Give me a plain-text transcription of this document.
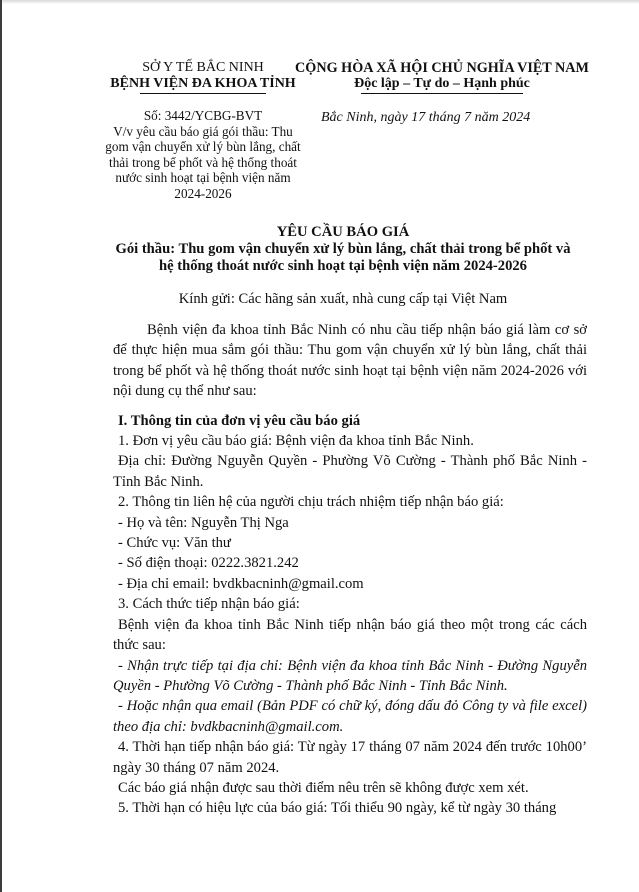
SỞ Y TẾ BẮC NINH
BỆNH VIỆN ĐA KHOA TỈNH
CỘNG HÒA XÃ HỘI CHỦ NGHĨA VIỆT NAM
Độc lập – Tự do – Hạnh phúc
Số: 3442/YCBG-BVT
V/v yêu cầu báo giá gói thầu: Thu
gom vận chuyển xử lý bùn lắng, chất
thải trong bể phốt và hệ thống thoát
nước sinh hoạt tại bệnh viện năm
2024-2026
Bắc Ninh, ngày 17 tháng 7 năm 2024
YÊU CẦU BÁO GIÁ
Gói thầu: Thu gom vận chuyển xử lý bùn lắng, chất thải trong bể phốt và
hệ thống thoát nước sinh hoạt tại bệnh viện năm 2024-2026
Kính gửi: Các hãng sản xuất, nhà cung cấp tại Việt Nam

Bệnh viện đa khoa tỉnh Bắc Ninh có nhu cầu tiếp nhận báo giá làm cơ sở để thực hiện mua sắm gói thầu: Thu gom vận chuyển xử lý bùn lắng, chất thải trong bể phốt và hệ thống thoát nước sinh hoạt tại bệnh viện năm 2024-2026 với nội dung cụ thể như sau:

I. Thông tin của đơn vị yêu cầu báo giá

1. Đơn vị yêu cầu báo giá: Bệnh viện đa khoa tỉnh Bắc Ninh.

Địa chỉ: Đường Nguyễn Quyền - Phường Võ Cường - Thành phố Bắc Ninh - Tỉnh Bắc Ninh.

2. Thông tin liên hệ của người chịu trách nhiệm tiếp nhận báo giá:

- Họ và tên: Nguyễn Thị Nga

- Chức vụ: Văn thư

- Số điện thoại: 0222.3821.242

- Địa chỉ email: bvdkbacninh@gmail.com

3. Cách thức tiếp nhận báo giá:

Bệnh viện đa khoa tỉnh Bắc Ninh tiếp nhận báo giá theo một trong các cách thức sau:

- Nhận trực tiếp tại địa chỉ: Bệnh viện đa khoa tỉnh Bắc Ninh - Đường Nguyễn Quyền - Phường Võ Cường - Thành phố Bắc Ninh - Tỉnh Bắc Ninh.

- Hoặc nhận qua email (Bản PDF có chữ ký, đóng dấu đỏ Công ty và file excel) theo địa chỉ: bvdkbacninh@gmail.com.

4. Thời hạn tiếp nhận báo giá: Từ ngày 17 tháng 07 năm 2024 đến trước 10h00’ ngày 30 tháng 07 năm 2024.

Các báo giá nhận được sau thời điểm nêu trên sẽ không được xem xét.

5. Thời hạn có hiệu lực của báo giá: Tối thiểu 90 ngày, kể từ ngày 30 tháng
